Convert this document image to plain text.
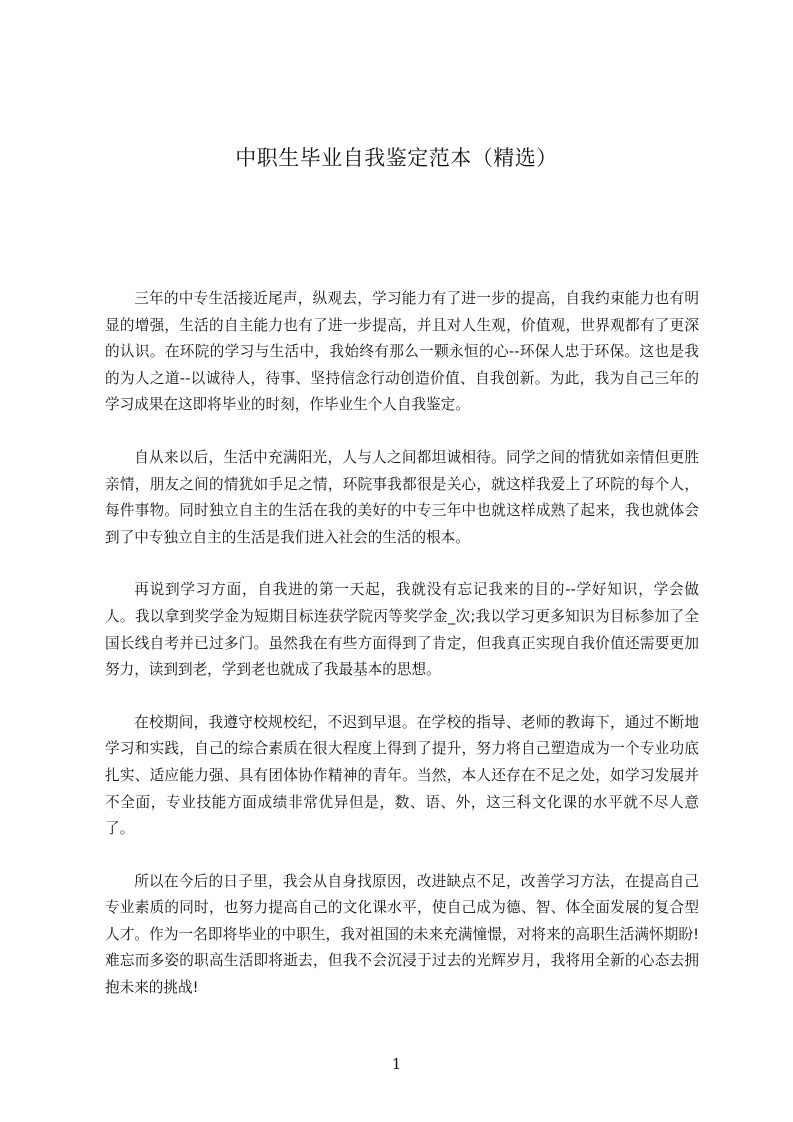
中职生毕业自我鉴定范本（精选）

三年的中专生活接近尾声，纵观去，学习能力有了进一步的提高，自我约束能力也有明显的增强，生活的自主能力也有了进一步提高，并且对人生观，价值观，世界观都有了更深的认识。在环院的学习与生活中，我始终有那么一颗永恒的心--环保人忠于环保。这也是我的为人之道--以诚待人，待事、坚持信念行动创造价值、自我创新。为此，我为自己三年的学习成果在这即将毕业的时刻，作毕业生个人自我鉴定。

自从来以后，生活中充满阳光，人与人之间都坦诚相待。同学之间的情犹如亲情但更胜亲情，朋友之间的情犹如手足之情，环院事我都很是关心，就这样我爱上了环院的每个人，每件事物。同时独立自主的生活在我的美好的中专三年中也就这样成熟了起来，我也就体会到了中专独立自主的生活是我们进入社会的生活的根本。

再说到学习方面，自我进的第一天起，我就没有忘记我来的目的--学好知识，学会做人。我以拿到奖学金为短期目标连获学院丙等奖学金_次;我以学习更多知识为目标参加了全国长线自考并已过多门。虽然我在有些方面得到了肯定，但我真正实现自我价值还需要更加努力，读到到老，学到老也就成了我最基本的思想。

在校期间，我遵守校规校纪，不迟到早退。在学校的指导、老师的教诲下，通过不断地学习和实践，自己的综合素质在很大程度上得到了提升，努力将自己塑造成为一个专业功底扎实、适应能力强、具有团体协作精神的青年。当然，本人还存在不足之处，如学习发展并不全面，专业技能方面成绩非常优异但是，数、语、外，这三科文化课的水平就不尽人意了。

所以在今后的日子里，我会从自身找原因，改进缺点不足，改善学习方法，在提高自己专业素质的同时，也努力提高自己的文化课水平，使自己成为德、智、体全面发展的复合型人才。作为一名即将毕业的中职生，我对祖国的未来充满憧憬，对将来的高职生活满怀期盼!难忘而多姿的职高生活即将逝去，但我不会沉浸于过去的光辉岁月，我将用全新的心态去拥抱未来的挑战!

1
